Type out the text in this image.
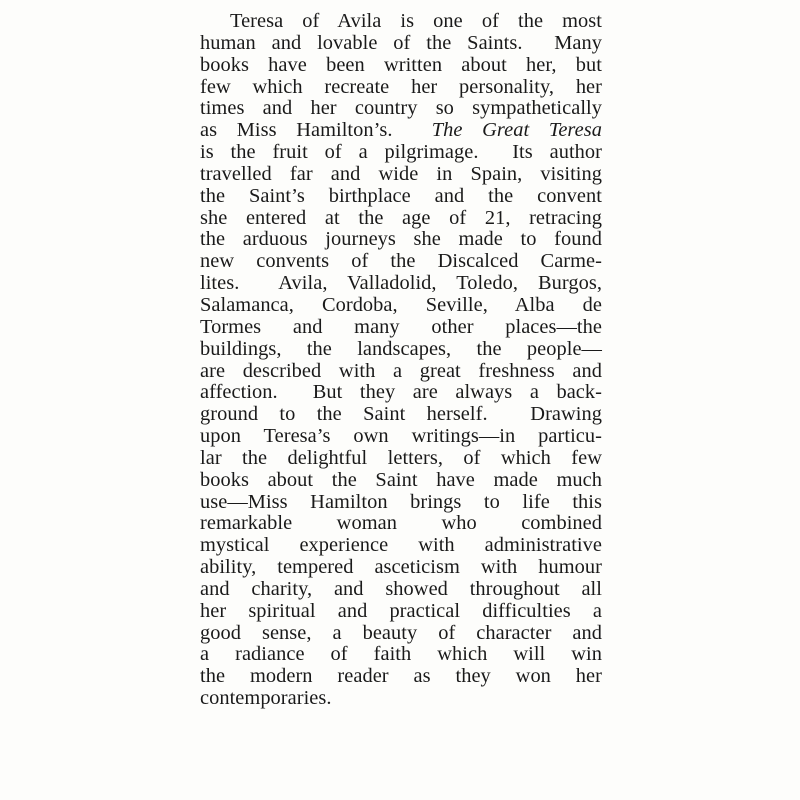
Teresa of Avila is one of the most
human and lovable of the Saints.  Many
books have been written about her, but
few which recreate her personality, her
times and her country so sympathetically
as Miss Hamilton’s.  The Great Teresa
is the fruit of a pilgrimage.  Its author
travelled far and wide in Spain, visiting
the Saint’s birthplace and the convent
she entered at the age of 21, retracing
the arduous journeys she made to found
new convents of the Discalced Carme-
lites.  Avila, Valladolid, Toledo, Burgos,
Salamanca, Cordoba, Seville, Alba de
Tormes and many other places—the
buildings, the landscapes, the people—
are described with a great freshness and
affection.  But they are always a back-
ground to the Saint herself.  Drawing
upon Teresa’s own writings—in particu-
lar the delightful letters, of which few
books about the Saint have made much
use—Miss Hamilton brings to life this
remarkable  woman  who  combined
mystical experience with administrative
ability, tempered asceticism with humour
and charity, and showed throughout all
her spiritual and practical difficulties a
good sense, a beauty of character and
a radiance of faith which will win
the modern reader as they won her
contemporaries.
